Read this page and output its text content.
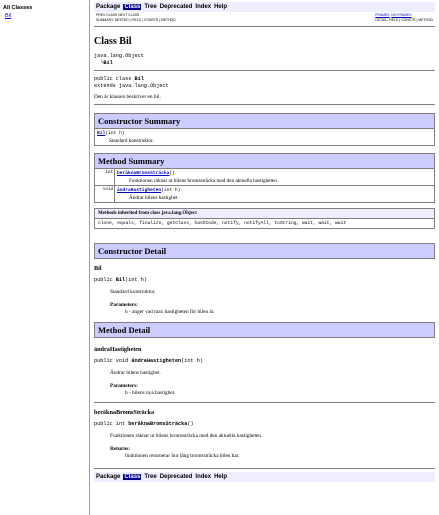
All Classes
Bil
Package Class Tree Deprecated Index Help
PREV CLASS NEXT CLASS
SUMMARY: NESTED | FIELD | CONSTR | METHOD
FRAMES NO FRAMES
DETAIL: FIELD | CONSTR | METHOD
Class Bil
java.lang.Object
└Bil
public class Bil
extends java.lang.Object
Den är klassen beskriver en bil.
Constructor Summary
Bil(int h)
Standard konstruktor.
Method Summary
int beräknaBromsSträcka()
Funktionen räknar ut bilens bromssträcka med den aktuella hastigheten.
void ändraHastigheten(int h)
Ändrar bilens hastighet.
Methods inherited from class java.lang.Object
clone, equals, finalize, getClass, hashCode, notify, notifyAll, toString, wait, wait, wait
Constructor Detail
Bil
public Bil(int h)
Standard konstruktor.
Parameters:
h - anger vad max hastigheten för bilen är.
Method Detail
ändraHastigheten
public void ändraHastigheten(int h)
Ändrar bilens hastighet.
Parameters:
h - bilens nya hastighet.
beräknaBromsSträcka
public int beräknaBromsSträcka()
Funktionen räknar ut bilens bromssträcka med den aktuella hastigheten.
Returns:
funktionen returnerar hur lång bromssträcka bilen har.
Package Class Tree Deprecated Index Help
